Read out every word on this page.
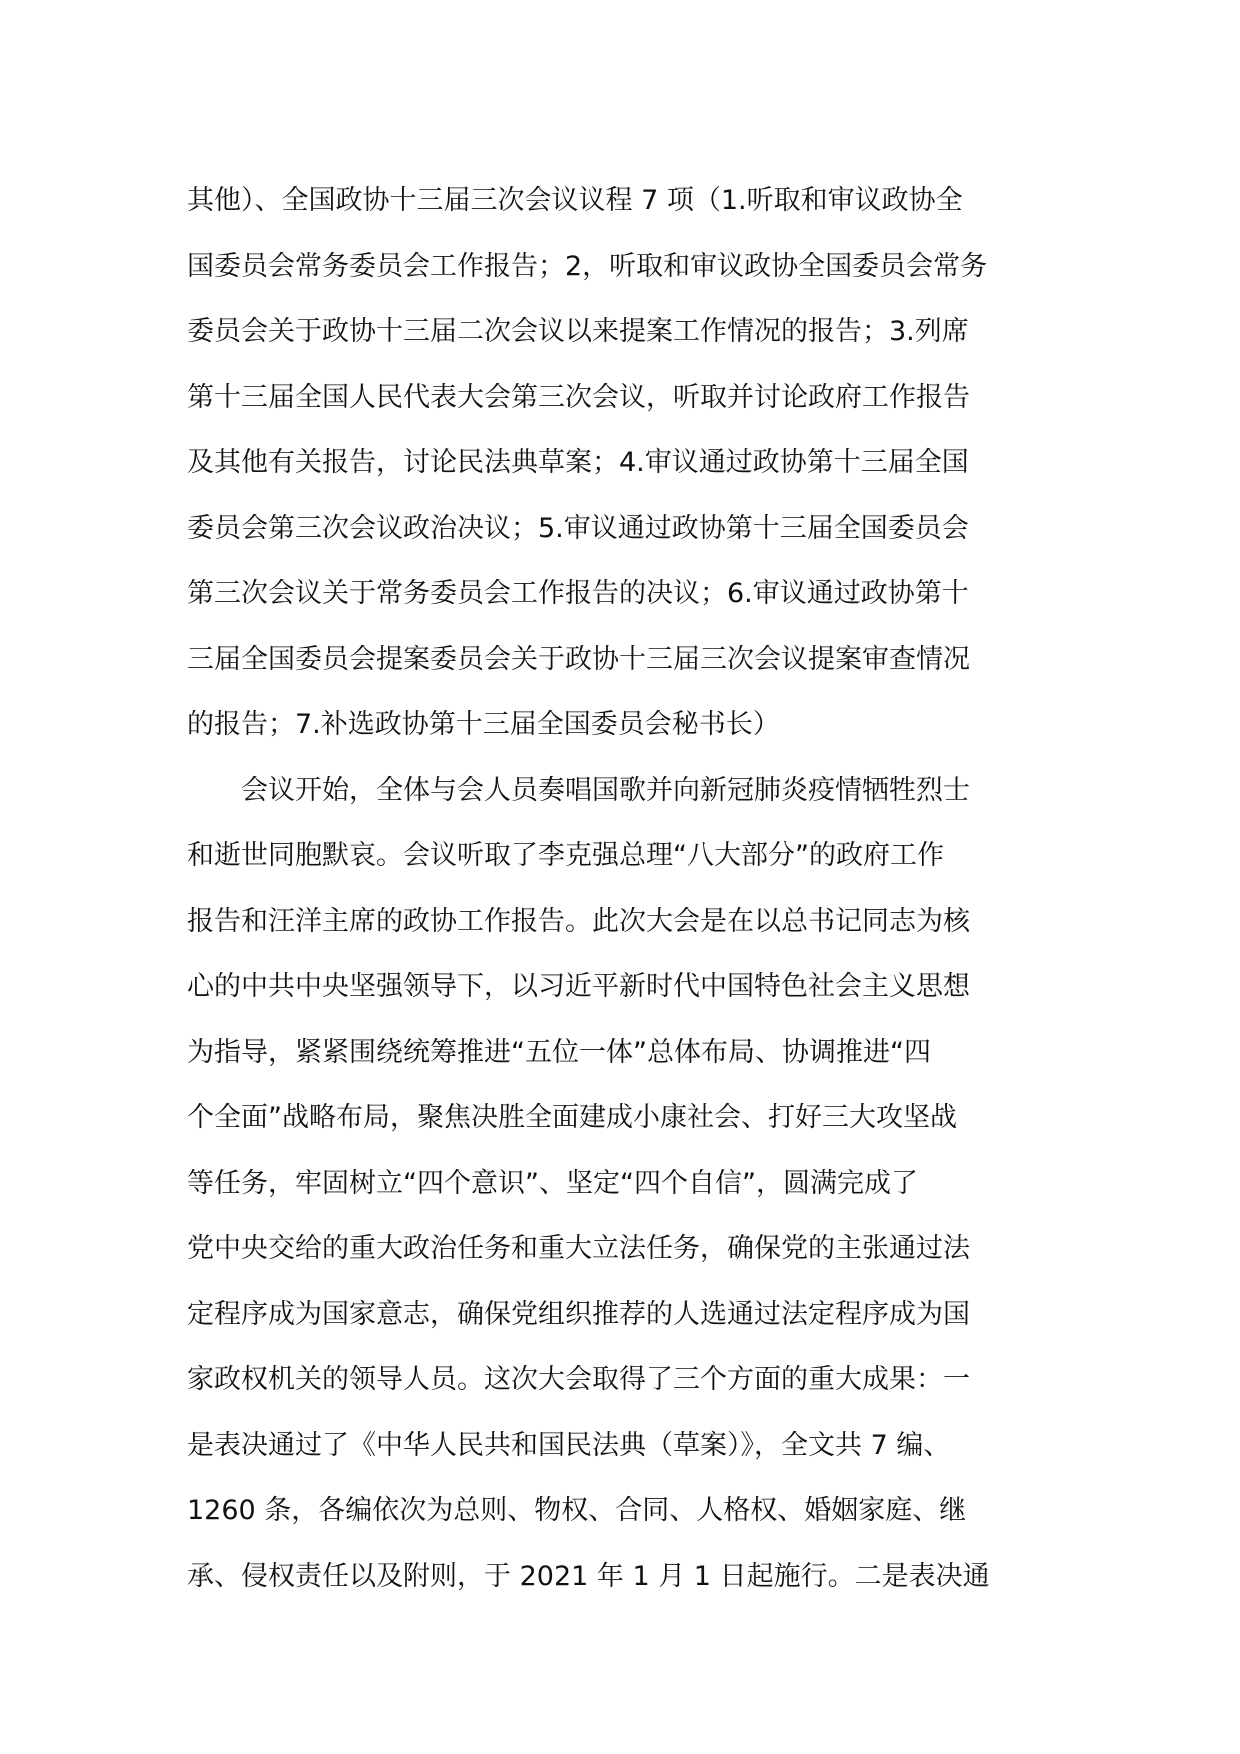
其他）、全国政协十三届三次会议议程 7 项（1.听取和审议政协全
国委员会常务委员会工作报告；2，听取和审议政协全国委员会常务
委员会关于政协十三届二次会议以来提案工作情况的报告；3.列席
第十三届全国人民代表大会第三次会议，听取并讨论政府工作报告
及其他有关报告，讨论民法典草案；4.审议通过政协第十三届全国
委员会第三次会议政治决议；5.审议通过政协第十三届全国委员会
第三次会议关于常务委员会工作报告的决议；6.审议通过政协第十
三届全国委员会提案委员会关于政协十三届三次会议提案审查情况
的报告；7.补选政协第十三届全国委员会秘书长）
　　会议开始，全体与会人员奏唱国歌并向新冠肺炎疫情牺牲烈士
和逝世同胞默哀。会议听取了李克强总理“八大部分”的政府工作
报告和汪洋主席的政协工作报告。此次大会是在以总书记同志为核
心的中共中央坚强领导下，以习近平新时代中国特色社会主义思想
为指导，紧紧围绕统筹推进“五位一体”总体布局、协调推进“四
个全面”战略布局，聚焦决胜全面建成小康社会、打好三大攻坚战
等任务，牢固树立“四个意识”、坚定“四个自信”，圆满完成了
党中央交给的重大政治任务和重大立法任务，确保党的主张通过法
定程序成为国家意志，确保党组织推荐的人选通过法定程序成为国
家政权机关的领导人员。这次大会取得了三个方面的重大成果：一
是表决通过了《中华人民共和国民法典（草案）》，全文共 7 编、
1260 条，各编依次为总则、物权、合同、人格权、婚姻家庭、继
承、侵权责任以及附则，于 2021 年 1 月 1 日起施行。二是表决通
